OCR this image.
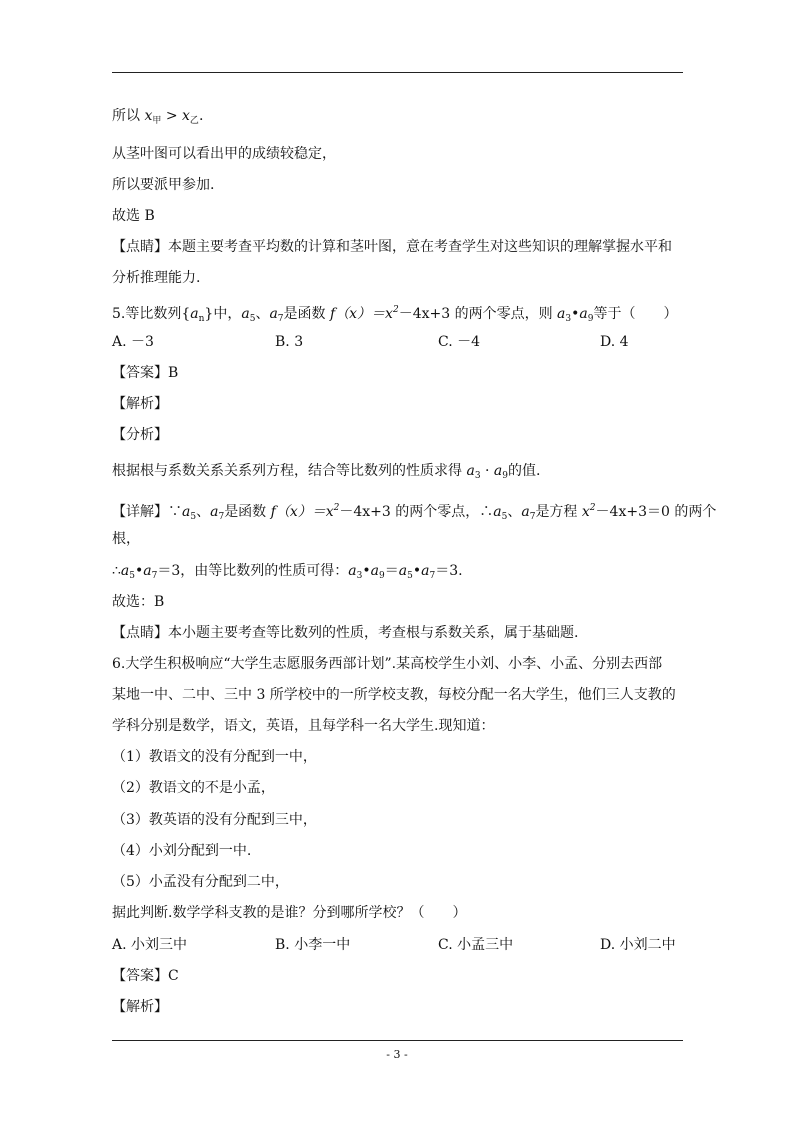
所以 $x_甲 > x_乙$.
从茎叶图可以看出甲的成绩较稳定，
所以要派甲参加.
故选 B
【点睛】本题主要考查平均数的计算和茎叶图，意在考查学生对这些知识的理解掌握水平和
分析推理能力.
5.等比数列$\{a_n\}$中，$a_5$、$a_7$是函数 $f(x)=x^2-4x+3$ 的两个零点，则 $a_3•a_9$等于（　　）
A. －3	B. 3	C. －4	D. 4
【答案】B
【解析】
【分析】
根据根与系数关系关系列方程，结合等比数列的性质求得 $a_3 \cdot a_9$的值.
【详解】$\because a_5$、$a_7$是函数 $f(x)=x^2-4x+3$ 的两个零点，$\therefore a_5$、$a_7$是方程 $x^2-4x+3=0$ 的两个
根，
$\therefore a_5•a_7=3$，由等比数列的性质可得：$a_3•a_9=a_5•a_7=3$.
故选：B
【点睛】本小题主要考查等比数列的性质，考查根与系数关系，属于基础题.
6.大学生积极响应“大学生志愿服务西部计划”.某高校学生小刘、小李、小孟、分别去西部
某地一中、二中、三中 3 所学校中的一所学校支教，每校分配一名大学生，他们三人支教的
学科分别是数学，语文，英语，且每学科一名大学生.现知道：
（1）教语文的没有分配到一中，
（2）教语文的不是小孟，
（3）教英语的没有分配到三中，
（4）小刘分配到一中.
（5）小孟没有分配到二中，
据此判断.数学学科支教的是谁？分到哪所学校？（　　）
A. 小刘三中	B. 小李一中	C. 小孟三中	D. 小刘二中
【答案】C
【解析】
- 3 -
